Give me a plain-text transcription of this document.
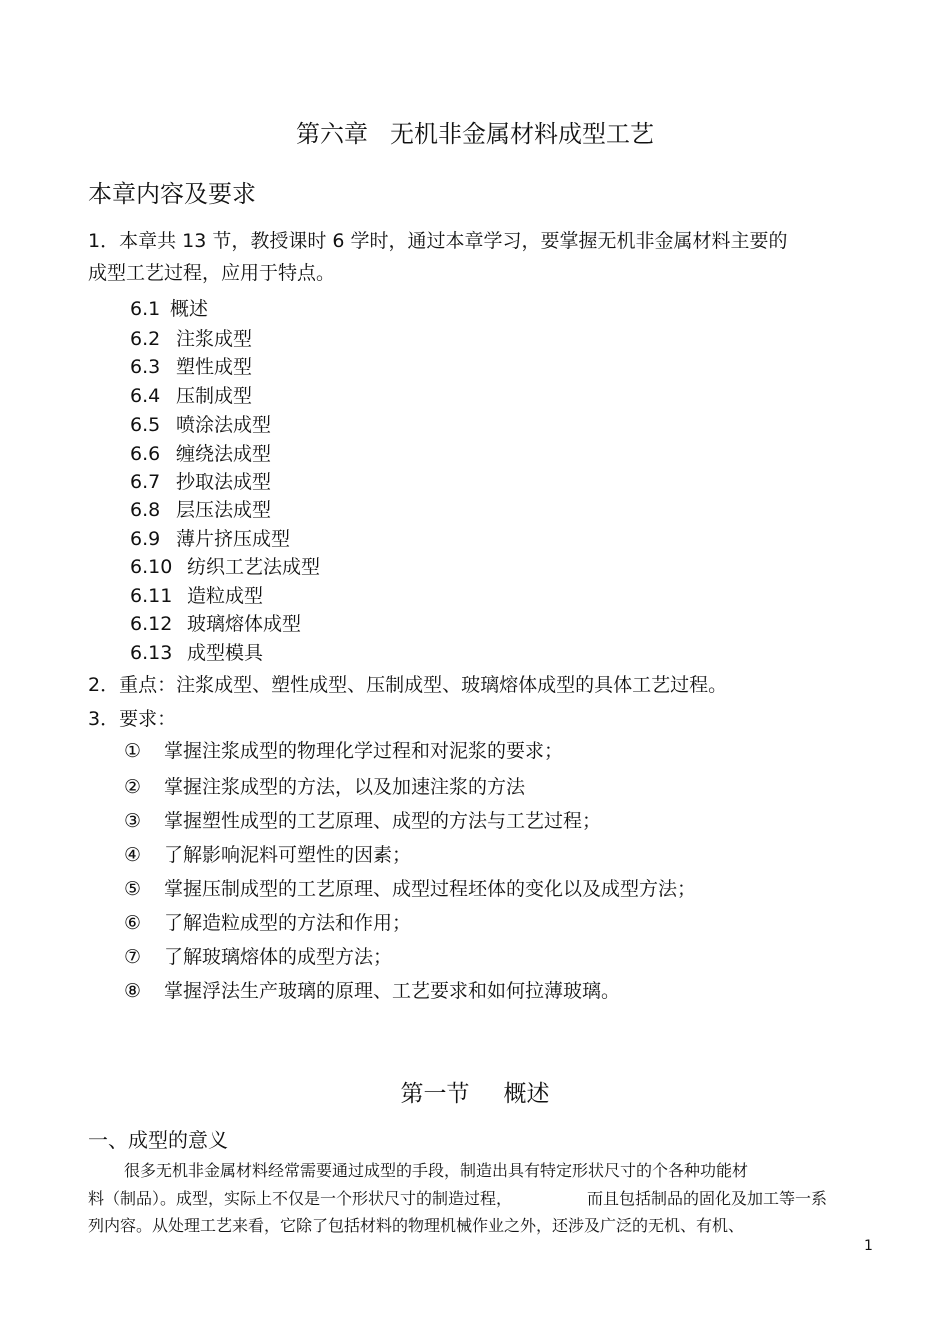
第六章 无机非金属材料成型工艺
本章内容及要求
1．本章共 13 节，教授课时 6 学时，通过本章学习，要掌握无机非金属材料主要的
成型工艺过程，应用于特点。
6.1 概述
6.2 注浆成型
6.3 塑性成型
6.4 压制成型
6.5 喷涂法成型
6.6 缠绕法成型
6.7 抄取法成型
6.8 层压法成型
6.9 薄片挤压成型
6.10 纺织工艺法成型
6.11 造粒成型
6.12 玻璃熔体成型
6.13 成型模具
2．重点：注浆成型、塑性成型、压制成型、玻璃熔体成型的具体工艺过程。
3．要求：
① 掌握注浆成型的物理化学过程和对泥浆的要求；
② 掌握注浆成型的方法，以及加速注浆的方法
③ 掌握塑性成型的工艺原理、成型的方法与工艺过程；
④ 了解影响泥料可塑性的因素；
⑤ 掌握压制成型的工艺原理、成型过程坯体的变化以及成型方法；
⑥ 了解造粒成型的方法和作用；
⑦ 了解玻璃熔体的成型方法；
⑧ 掌握浮法生产玻璃的原理、工艺要求和如何拉薄玻璃。
第一节 概述
一、成型的意义
很多无机非金属材料经常需要通过成型的手段，制造出具有特定形状尺寸的个各种功能材
料（制品）。成型，实际上不仅是一个形状尺寸的制造过程，	而且包括制品的固化及加工等一系
列内容。从处理工艺来看，它除了包括材料的物理机械作业之外，还涉及广泛的无机、有机、
1
